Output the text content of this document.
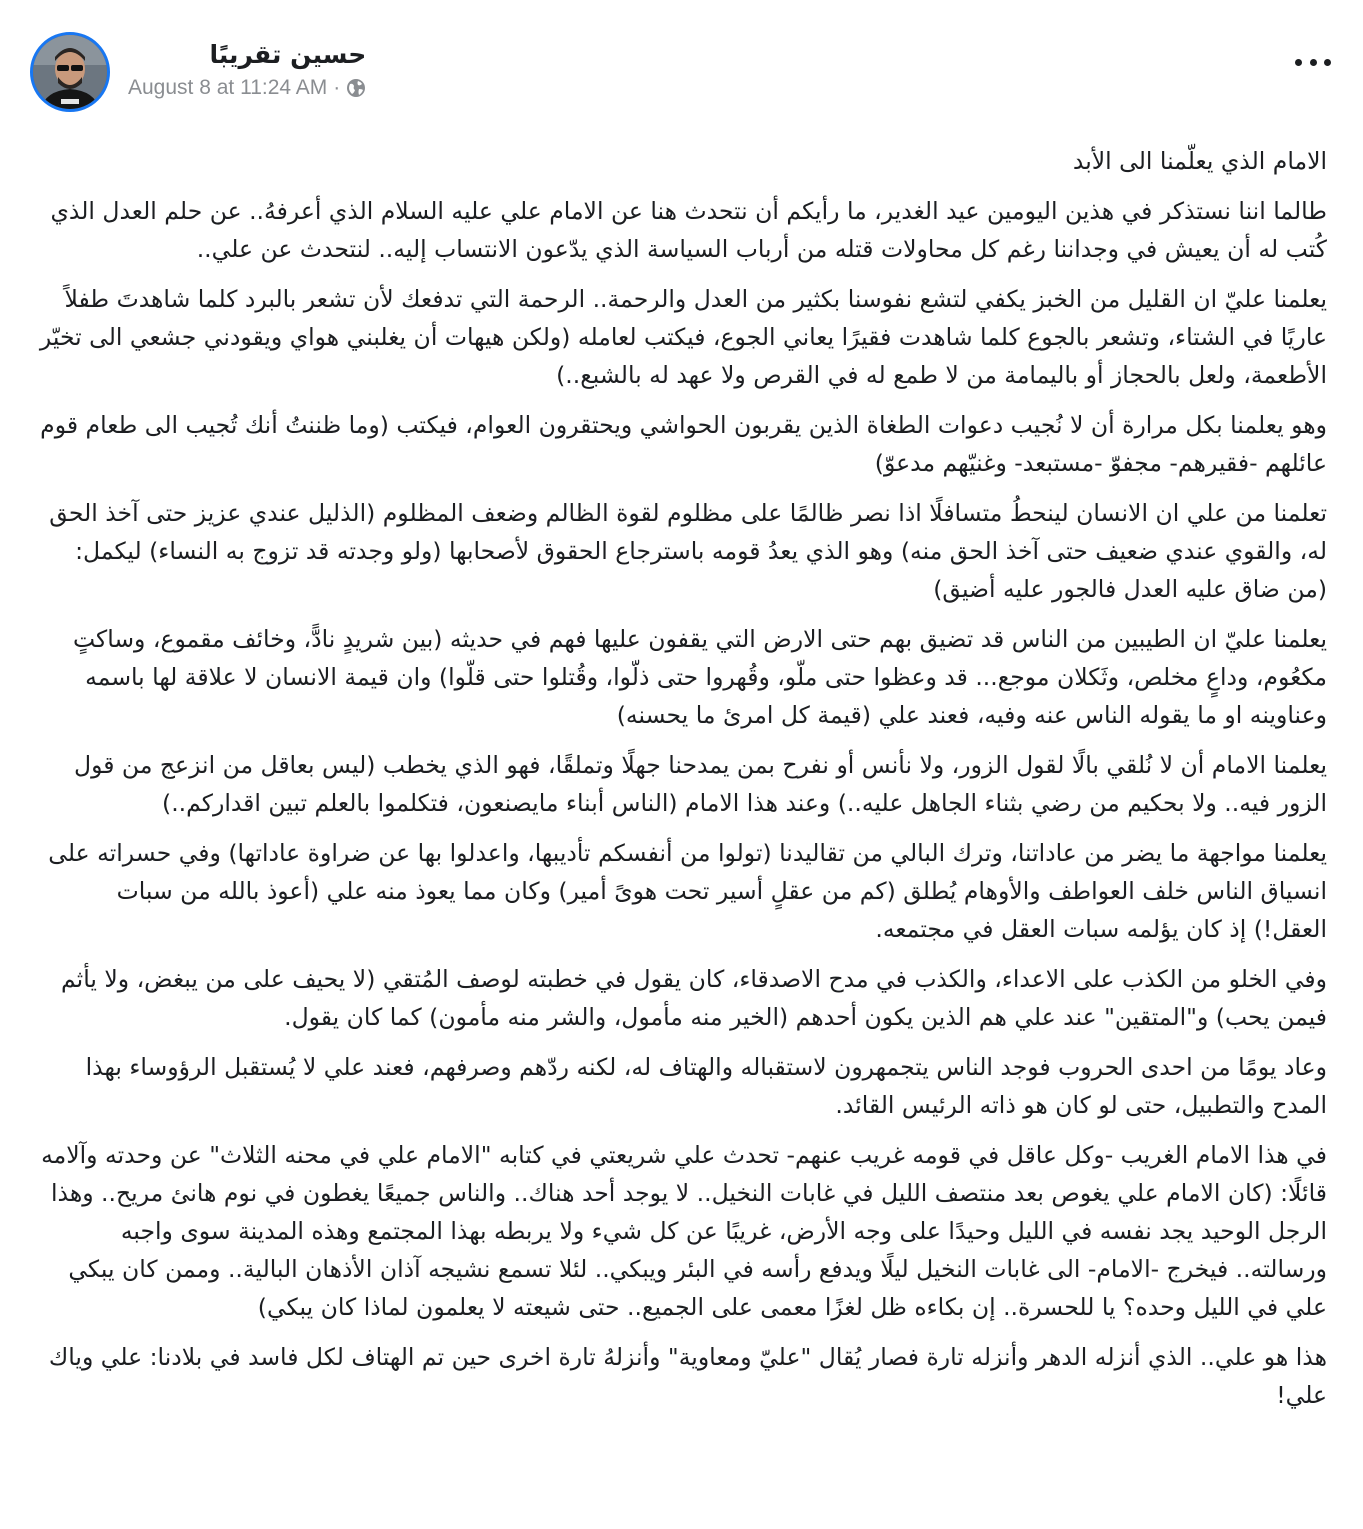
حسين تقريبًا
August 8 at 11:24 AM ·

الامام الذي يعلّمنا الى الأبد

طالما اننا نستذكر في هذين اليومين عيد الغدير، ما رأيكم أن نتحدث هنا عن الامام علي عليه السلام الذي أعرفهُ.. عن حلم العدل الذي كُتب له أن يعيش في وجداننا رغم كل محاولات قتله من أرباب السياسة الذي يدّعون الانتساب إليه.. لنتحدث عن علي..

يعلمنا عليّ ان القليل من الخبز يكفي لتشع نفوسنا بكثير من العدل والرحمة.. الرحمة التي تدفعك لأن تشعر بالبرد كلما شاهدتَ طفلاً عاريًا في الشتاء، وتشعر بالجوع كلما شاهدت فقيرًا يعاني الجوع، فيكتب لعامله (ولكن هيهات أن يغلبني هواي ويقودني جشعي الى تخيّر الأطعمة، ولعل بالحجاز أو باليمامة من لا طمع له في القرص ولا عهد له بالشبع..)

وهو يعلمنا بكل مرارة أن لا نُجيب دعوات الطغاة الذين يقربون الحواشي ويحتقرون العوام، فيكتب (وما ظننتُ أنك تُجيب الى طعام قوم عائلهم -فقيرهم- مجفوّ -مستبعد- وغنيّهم مدعوّ)

تعلمنا من علي ان الانسان لينحطُ متسافلًا اذا نصر ظالمًا على مظلوم لقوة الظالم وضعف المظلوم (الذليل عندي عزيز حتى آخذ الحق له، والقوي عندي ضعيف حتى آخذ الحق منه) وهو الذي يعدُ قومه باسترجاع الحقوق لأصحابها (ولو وجدته قد تزوج به النساء) ليكمل: (من ضاق عليه العدل فالجور عليه أضيق)

يعلمنا عليّ ان الطيبين من الناس قد تضيق بهم حتى الارض التي يقفون عليها فهم في حديثه (بين شريدٍ نادًّ، وخائف مقموع، وساكتٍ مكعُوم، وداعٍ مخلص، وثَكلان موجع... قد وعظوا حتى ملّو، وقُهروا حتى ذلّوا، وقُتلوا حتى قلّوا) وان قيمة الانسان لا علاقة لها باسمه وعناوينه او ما يقوله الناس عنه وفيه، فعند علي (قيمة كل امرئ ما يحسنه)

يعلمنا الامام أن لا نُلقي بالًا لقول الزور، ولا نأنس أو نفرح بمن يمدحنا جهلًا وتملقًا، فهو الذي يخطب (ليس بعاقل من انزعج من قول الزور فيه.. ولا بحكيم من رضي بثناء الجاهل عليه..) وعند هذا الامام (الناس أبناء مايصنعون، فتكلموا بالعلم تبين اقداركم..)

يعلمنا مواجهة ما يضر من عاداتنا، وترك البالي من تقاليدنا (تولوا من أنفسكم تأديبها، واعدلوا بها عن ضراوة عاداتها) وفي حسراته على انسياق الناس خلف العواطف والأوهام يُطلق (كم من عقلٍ أسير تحت هوىً أمير) وكان مما يعوذ منه علي (أعوذ بالله من سبات العقل!) إذ كان يؤلمه سبات العقل في مجتمعه.

وفي الخلو من الكذب على الاعداء، والكذب في مدح الاصدقاء، كان يقول في خطبته لوصف المُتقي (لا يحيف على من يبغض، ولا يأثم فيمن يحب) و"المتقين" عند علي هم الذين يكون أحدهم (الخير منه مأمول، والشر منه مأمون) كما كان يقول.

وعاد يومًا من احدى الحروب فوجد الناس يتجمهرون لاستقباله والهتاف له، لكنه ردّهم وصرفهم، فعند علي لا يُستقبل الرؤوساء بهذا المدح والتطبيل، حتى لو كان هو ذاته الرئيس القائد.

في هذا الامام الغريب -وكل عاقل في قومه غريب عنهم- تحدث علي شريعتي في كتابه "الامام علي في محنه الثلاث" عن وحدته وآلامه قائلًا: (كان الامام علي يغوص بعد منتصف الليل في غابات النخيل.. لا يوجد أحد هناك.. والناس جميعًا يغطون في نوم هانئ مريح.. وهذا الرجل الوحيد يجد نفسه في الليل وحيدًا على وجه الأرض، غريبًا عن كل شيء ولا يربطه بهذا المجتمع وهذه المدينة سوى واجبه ورسالته.. فيخرج -الامام- الى غابات النخيل ليلًا ويدفع رأسه في البئر ويبكي.. لئلا تسمع نشيجه آذان الأذهان البالية.. وممن كان يبكي علي في الليل وحده؟ يا للحسرة.. إن بكاءه ظل لغزًا معمى على الجميع.. حتى شيعته لا يعلمون لماذا كان يبكي)

هذا هو علي.. الذي أنزله الدهر وأنزله تارة فصار يُقال "عليّ ومعاوية" وأنزلهُ تارة اخرى حين تم الهتاف لكل فاسد في بلادنا: علي وياك علي!
